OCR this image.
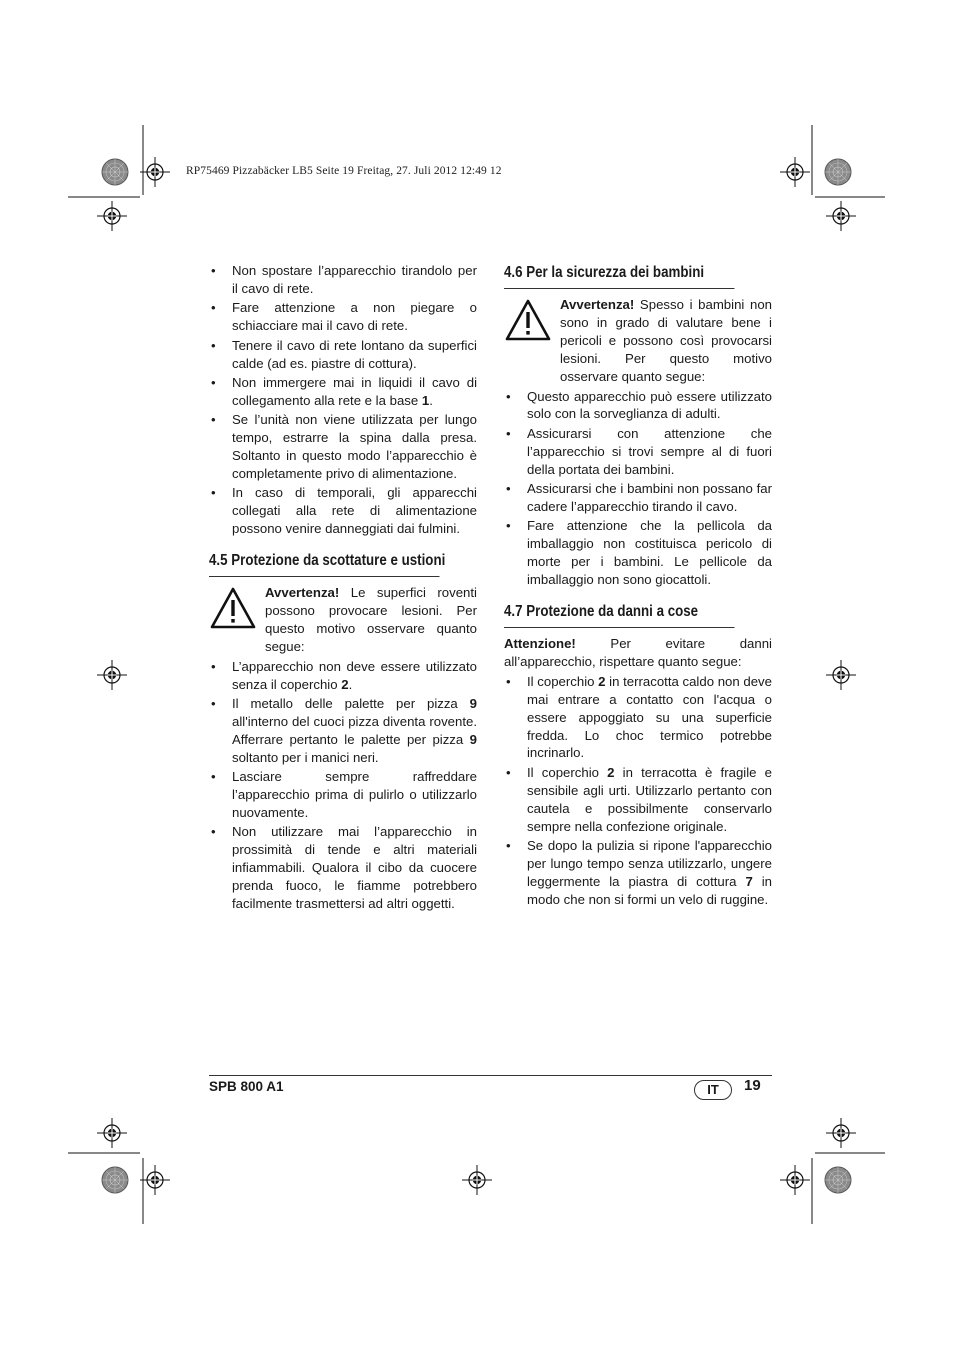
RP75469 Pizzabäcker LB5 Seite 19 Freitag, 27. Juli 2012 12:49 12
• Non spostare l’apparecchio tirandolo per il cavo di rete.
• Fare attenzione a non piegare o schiacciare mai il cavo di rete.
• Tenere il cavo di rete lontano da superfici calde (ad es. piastre di cottura).
• Non immergere mai in liquidi il cavo di collegamento alla rete e la base 1.
• Se l’unità non viene utilizzata per lungo tempo, estrarre la spina dalla presa. Soltanto in questo modo l’apparecchio è completamente privo di alimentazione.
• In caso di temporali, gli apparecchi collegati alla rete di alimentazione possono venire danneggiati dai fulmini.
4.5 Protezione da scottature e ustioni
Avvertenza! Le superfici roventi possono provocare lesioni. Per questo motivo osservare quanto segue:
• L’apparecchio non deve essere utilizzato senza il coperchio 2.
• Il metallo delle palette per pizza 9 all'interno del cuoci pizza diventa rovente. Afferrare pertanto le palette per pizza 9 soltanto per i manici neri.
• Lasciare sempre raffreddare l’apparecchio prima di pulirlo o utilizzarlo nuovamente.
• Non utilizzare mai l’apparecchio in prossimità di tende e altri materiali infiammabili. Qualora il cibo da cuocere prenda fuoco, le fiamme potrebbero facilmente trasmettersi ad altri oggetti.
4.6 Per la sicurezza dei bambini
Avvertenza! Spesso i bambini non sono in grado di valutare bene i pericoli e possono così provocarsi lesioni. Per questo motivo osservare quanto segue:
• Questo apparecchio può essere utilizzato solo con la sorveglianza di adulti.
• Assicurarsi con attenzione che l’apparecchio si trovi sempre al di fuori della portata dei bambini.
• Assicurarsi che i bambini non possano far cadere l’apparecchio tirando il cavo.
• Fare attenzione che la pellicola da imballaggio non costituisca pericolo di morte per i bambini. Le pellicole da imballaggio non sono giocattoli.
4.7 Protezione da danni a cose
Attenzione! Per evitare danni all’apparecchio, rispettare quanto segue:
• Il coperchio 2 in terracotta caldo non deve mai entrare a contatto con l'acqua o essere appoggiato su una superficie fredda. Lo choc termico potrebbe incrinarlo.
• Il coperchio 2 in terracotta è fragile e sensibile agli urti. Utilizzarlo pertanto con cautela e possibilmente conservarlo sempre nella confezione originale.
• Se dopo la pulizia si ripone l'apparecchio per lungo tempo senza utilizzarlo, ungere leggermente la piastra di cottura 7 in modo che non si formi un velo di ruggine.
SPB 800 A1	IT	19
